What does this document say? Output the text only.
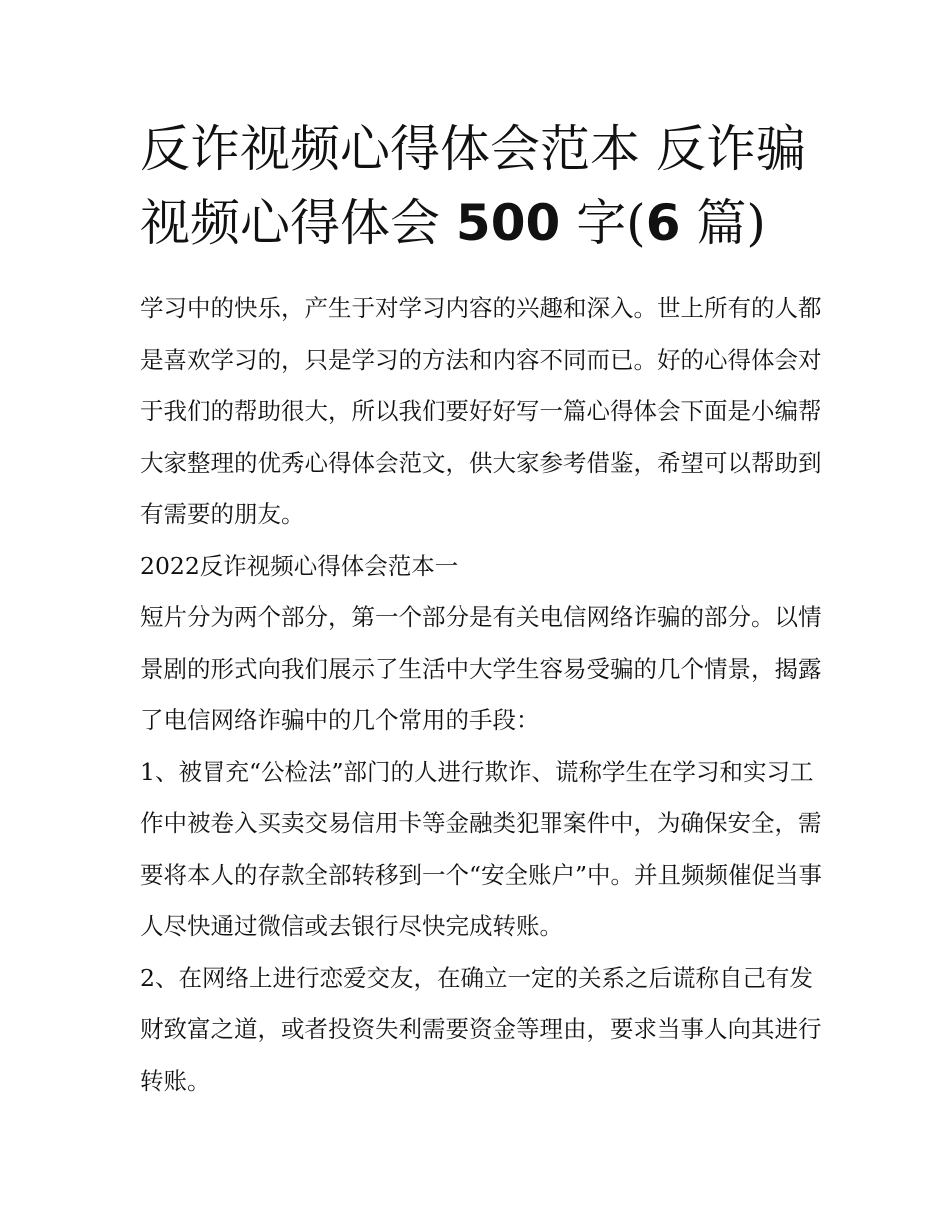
反诈视频心得体会范本 反诈骗视频心得体会 500 字(6 篇)

学习中的快乐，产生于对学习内容的兴趣和深入。世上所有的人都是喜欢学习的，只是学习的方法和内容不同而已。好的心得体会对于我们的帮助很大，所以我们要好好写一篇心得体会下面是小编帮大家整理的优秀心得体会范文，供大家参考借鉴，希望可以帮助到有需要的朋友。

2022反诈视频心得体会范本一

短片分为两个部分，第一个部分是有关电信网络诈骗的部分。以情景剧的形式向我们展示了生活中大学生容易受骗的几个情景，揭露了电信网络诈骗中的几个常用的手段：

1、被冒充“公检法”部门的人进行欺诈、谎称学生在学习和实习工作中被卷入买卖交易信用卡等金融类犯罪案件中，为确保安全，需要将本人的存款全部转移到一个“安全账户”中。并且频频催促当事人尽快通过微信或去银行尽快完成转账。

2、在网络上进行恋爱交友，在确立一定的关系之后谎称自己有发财致富之道，或者投资失利需要资金等理由，要求当事人向其进行转账。
